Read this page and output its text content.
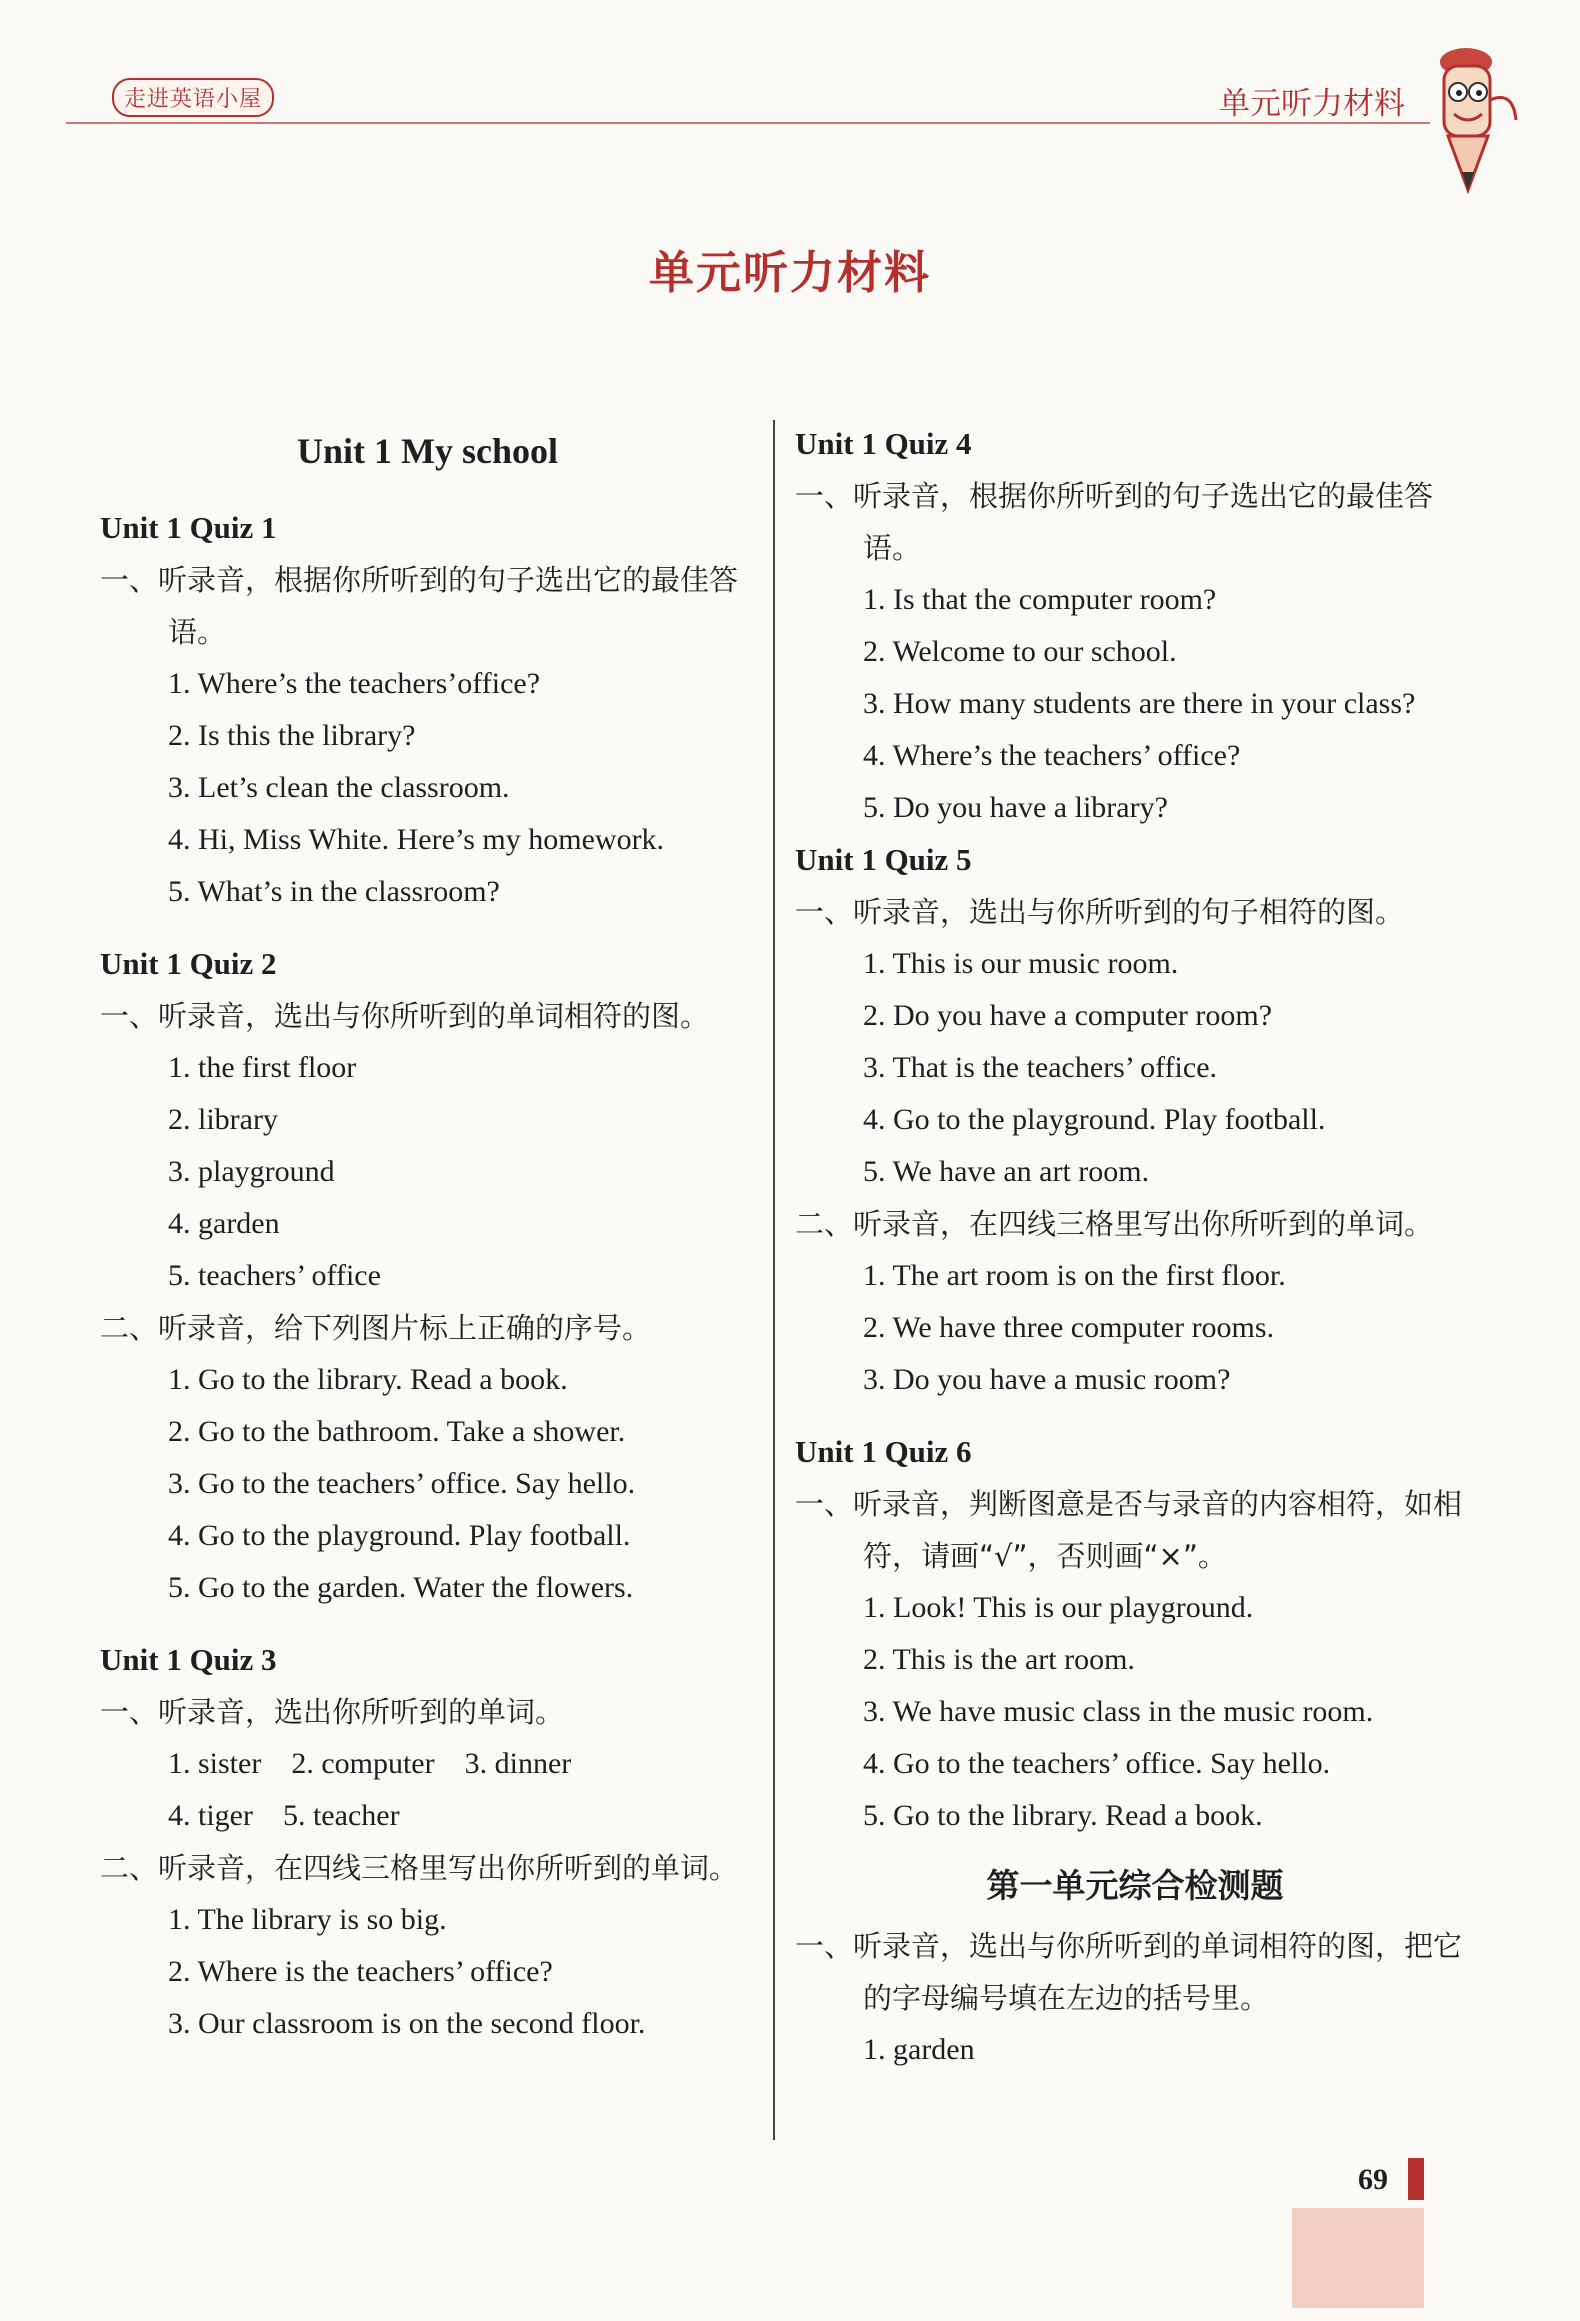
走进英语小屋	单元听力材料
单元听力材料
Unit 1 My school
Unit 1 Quiz 1
一、听录音，根据你所听到的句子选出它的最佳答语。
1. Where’s the teachers’office?
2. Is this the library?
3. Let’s clean the classroom.
4. Hi, Miss White. Here’s my homework.
5. What’s in the classroom?
Unit 1 Quiz 2
一、听录音，选出与你所听到的单词相符的图。
1. the first floor
2. library
3. playground
4. garden
5. teachers’ office
二、听录音，给下列图片标上正确的序号。
1. Go to the library. Read a book.
2. Go to the bathroom. Take a shower.
3. Go to the teachers’ office. Say hello.
4. Go to the playground. Play football.
5. Go to the garden. Water the flowers.
Unit 1 Quiz 3
一、听录音，选出你所听到的单词。
1. sister    2. computer    3. dinner
4. tiger    5. teacher
二、听录音，在四线三格里写出你所听到的单词。
1. The library is so big.
2. Where is the teachers’ office?
3. Our classroom is on the second floor.
Unit 1 Quiz 4
一、听录音，根据你所听到的句子选出它的最佳答语。
1. Is that the computer room?
2. Welcome to our school.
3. How many students are there in your class?
4. Where’s the teachers’ office?
5. Do you have a library?
Unit 1 Quiz 5
一、听录音，选出与你所听到的句子相符的图。
1. This is our music room.
2. Do you have a computer room?
3. That is the teachers’ office.
4. Go to the playground. Play football.
5. We have an art room.
二、听录音，在四线三格里写出你所听到的单词。
1. The art room is on the first floor.
2. We have three computer rooms.
3. Do you have a music room?
Unit 1 Quiz 6
一、听录音，判断图意是否与录音的内容相符，如相符，请画“√”，否则画“×”。
1. Look! This is our playground.
2. This is the art room.
3. We have music class in the music room.
4. Go to the teachers’ office. Say hello.
5. Go to the library. Read a book.
第一单元综合检测题
一、听录音，选出与你所听到的单词相符的图，把它的字母编号填在左边的括号里。
1. garden
69
